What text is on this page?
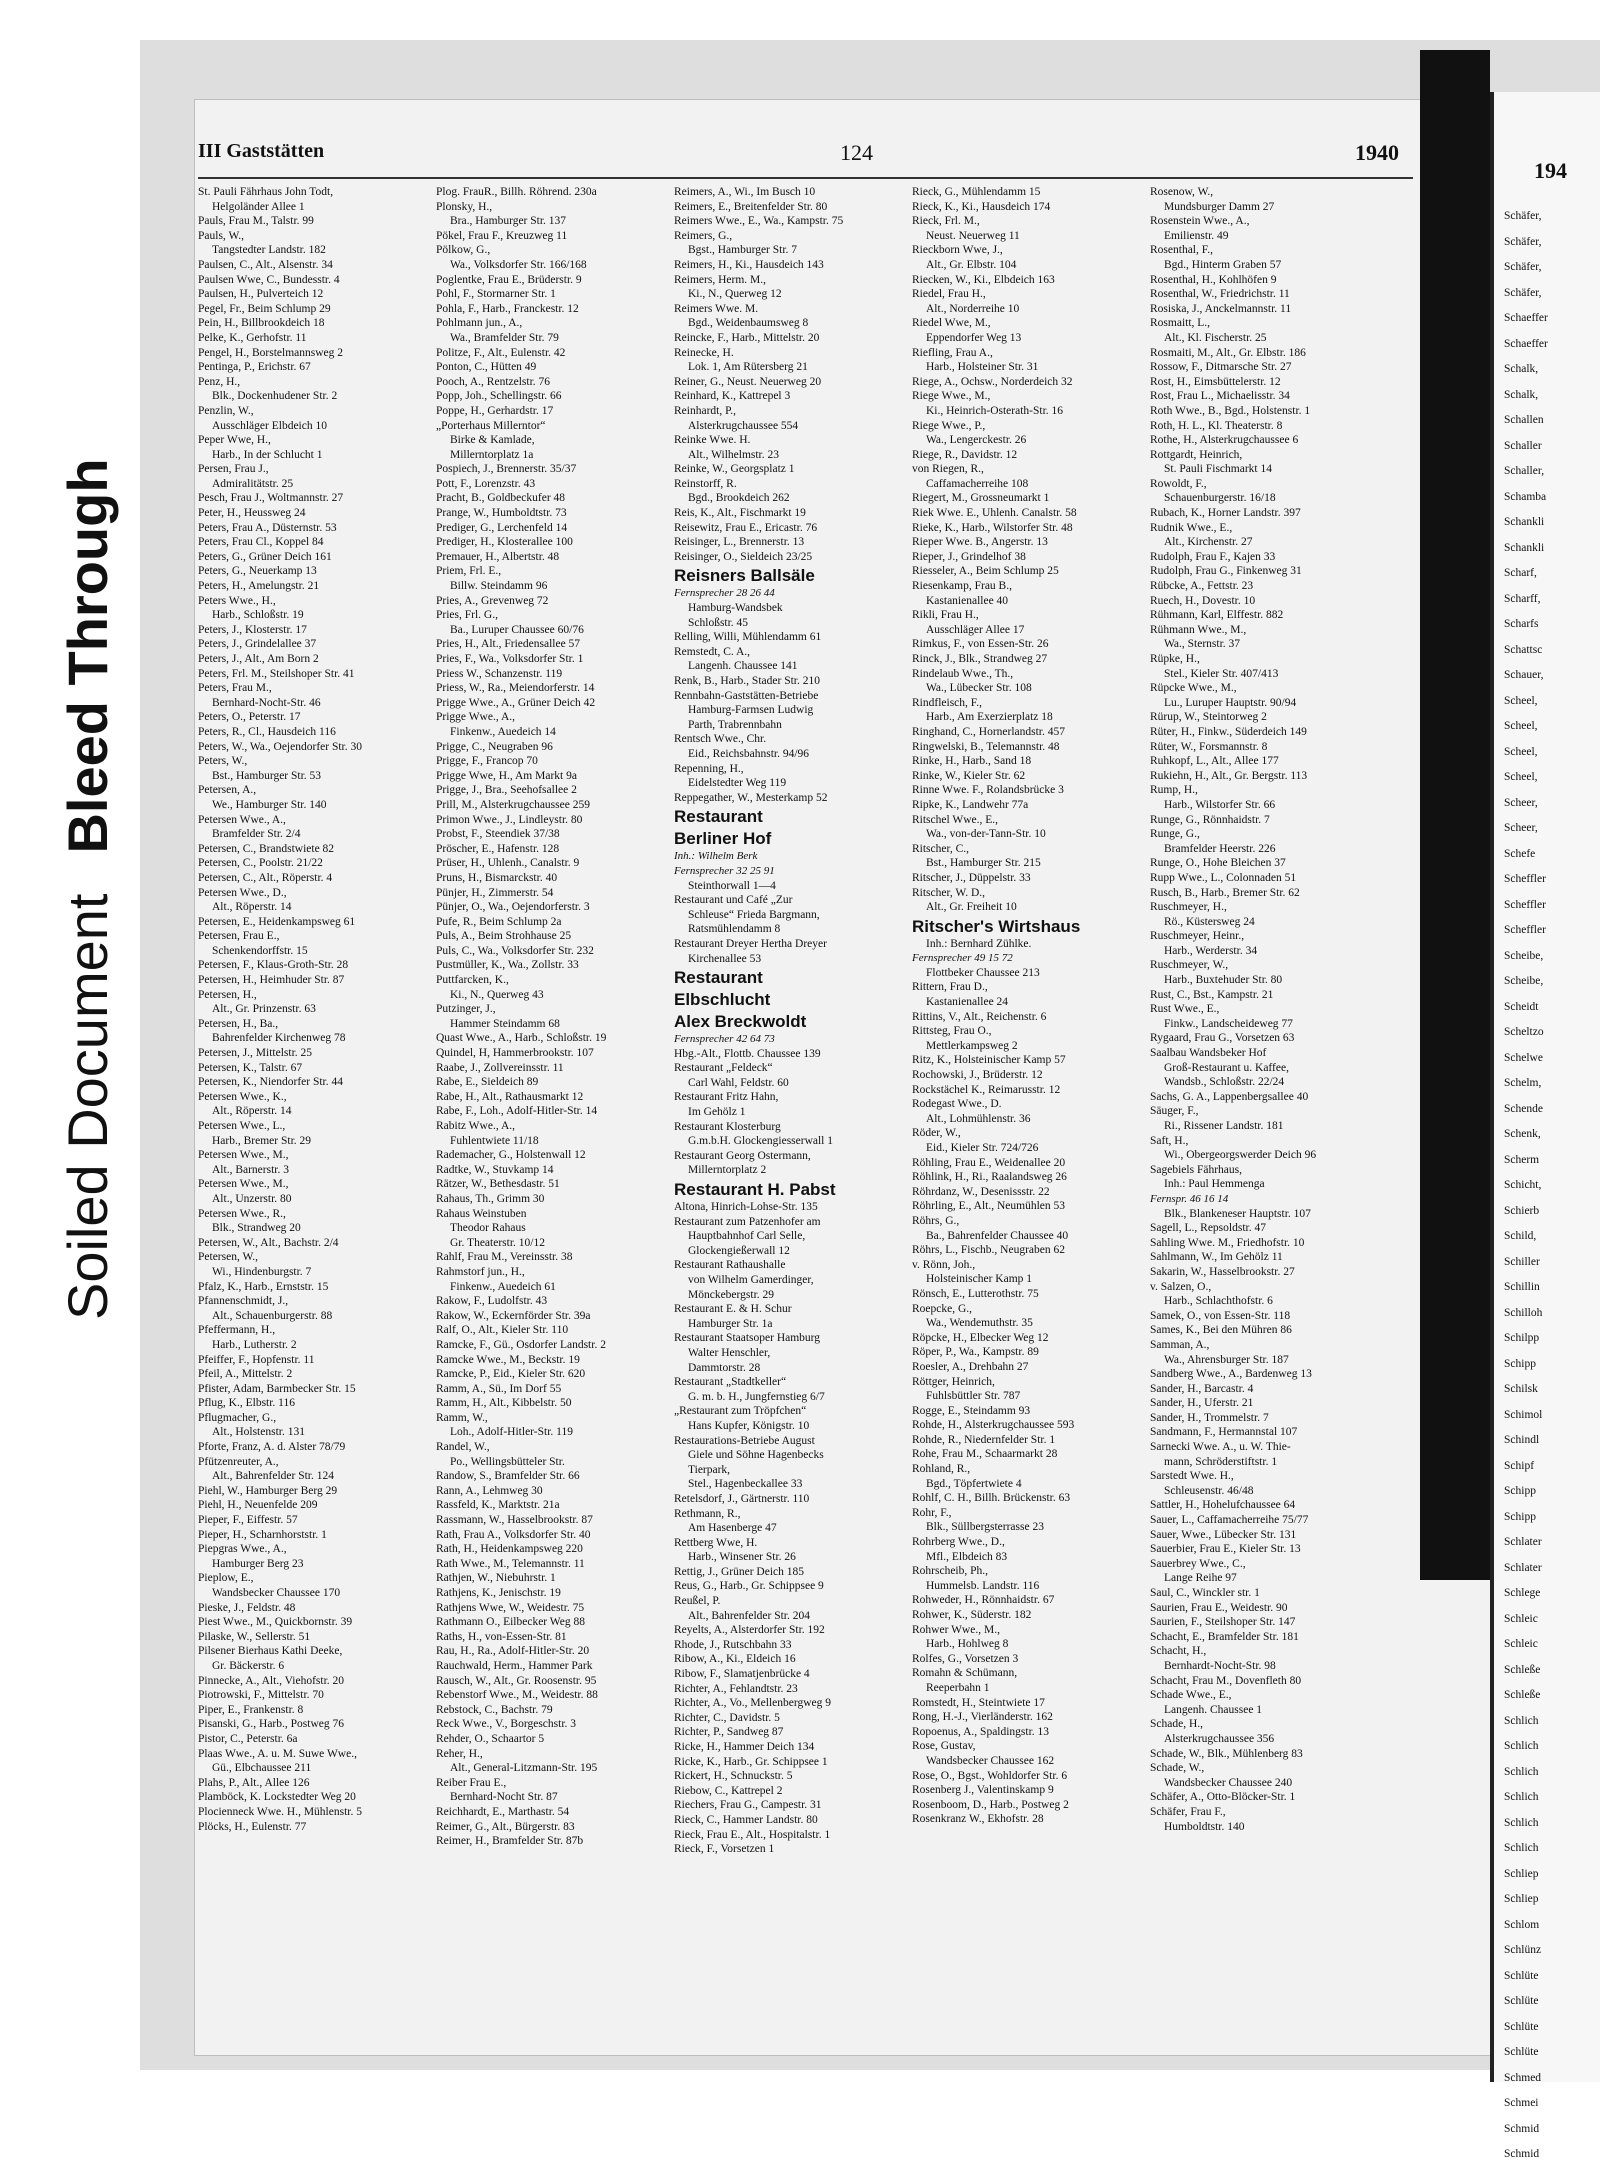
Soiled DocumentBleed Through
194
Schäfer,
Schäfer,
Schäfer,
Schäfer,
Schaeffer
Schaeffer
Schalk,
Schalk,
Schallen
Schaller
Schaller,
Schamba
Schankli
Schankli
Scharf,
Scharff,
Scharfs
Schattsc
Schauer,
Scheel,
Scheel,
Scheel,
Scheel,
Scheer,
Scheer,
Schefe
Scheffler
Scheffler
Scheffler
Scheibe,
Scheibe,
Scheidt
Scheltzo
Schelwe
Schelm,
Schende
Schenk,
Scherm
Schicht,
Schierb
Schild,
Schiller
Schillin
Schilloh
Schilpp
Schipp
Schilsk
Schimol
Schindl
Schipf
Schipp
Schipp
Schlater
Schlater
Schlege
Schleic
Schleic
Schleße
Schleße
Schlich
Schlich
Schlich
Schlich
Schlich
Schlich
Schliep
Schliep
Schlom
Schlünz
Schlüte
Schlüte
Schlüte
Schlüte
Schmed
Schmei
Schmid
Schmid
III Gaststätten	124	1940
St. Pauli Fährhaus John Todt,
Helgoländer Allee 1
Pauls, Frau M., Talstr. 99
Pauls, W.,
Tangstedter Landstr. 182
Paulsen, C., Alt., Alsenstr. 34
Paulsen Wwe, C., Bundesstr. 4
Paulsen, H., Pulverteich 12
Pegel, Fr., Beim Schlump 29
Pein, H., Billbrookdeich 18
Pelke, K., Gerhofstr. 11
Pengel, H., Borstelmannsweg 2
Pentinga, P., Erichstr. 67
Penz, H.,
Blk., Dockenhudener Str. 2
Penzlin, W.,
Ausschläger Elbdeich 10
Peper Wwe, H.,
Harb., In der Schlucht 1
Persen, Frau J.,
Admiralitätstr. 25
Pesch, Frau J., Woltmannstr. 27
Peter, H., Heussweg 24
Peters, Frau A., Düsternstr. 53
Peters, Frau Cl., Koppel 84
Peters, G., Grüner Deich 161
Peters, G., Neuerkamp 13
Peters, H., Amelungstr. 21
Peters Wwe., H.,
Harb., Schloßstr. 19
Peters, J., Klosterstr. 17
Peters, J., Grindelallee 37
Peters, J., Alt., Am Born 2
Peters, Frl. M., Steilshoper Str. 41
Peters, Frau M.,
Bernhard-Nocht-Str. 46
Peters, O., Peterstr. 17
Peters, R., Cl., Hausdeich 116
Peters, W., Wa., Oejendorfer Str. 30
Peters, W.,
Bst., Hamburger Str. 53
Petersen, A.,
We., Hamburger Str. 140
Petersen Wwe., A.,
Bramfelder Str. 2/4
Petersen, C., Brandstwiete 82
Petersen, C., Poolstr. 21/22
Petersen, C., Alt., Röperstr. 4
Petersen Wwe., D.,
Alt., Röperstr. 14
Petersen, E., Heidenkampsweg 61
Petersen, Frau E.,
Schenkendorffstr. 15
Petersen, F., Klaus-Groth-Str. 28
Petersen, H., Heimhuder Str. 87
Petersen, H.,
Alt., Gr. Prinzenstr. 63
Petersen, H., Ba.,
Bahrenfelder Kirchenweg 78
Petersen, J., Mittelstr. 25
Petersen, K., Talstr. 67
Petersen, K., Niendorfer Str. 44
Petersen Wwe., K.,
Alt., Röperstr. 14
Petersen Wwe., L.,
Harb., Bremer Str. 29
Petersen Wwe., M.,
Alt., Barnerstr. 3
Petersen Wwe., M.,
Alt., Unzerstr. 80
Petersen Wwe., R.,
Blk., Strandweg 20
Petersen, W., Alt., Bachstr. 2/4
Petersen, W.,
Wi., Hindenburgstr. 7
Pfalz, K., Harb., Ernststr. 15
Pfannenschmidt, J.,
Alt., Schauenburgerstr. 88
Pfeffermann, H.,
Harb., Lutherstr. 2
Pfeiffer, F., Hopfenstr. 11
Pfeil, A., Mittelstr. 2
Pfister, Adam, Barmbecker Str. 15
Pflug, K., Elbstr. 116
Pflugmacher, G.,
Alt., Holstenstr. 131
Pforte, Franz, A. d. Alster 78/79
Pfützenreuter, A.,
Alt., Bahrenfelder Str. 124
Piehl, W., Hamburger Berg 29
Piehl, H., Neuenfelde 209
Pieper, F., Eiffestr. 57
Pieper, H., Scharnhorststr. 1
Piepgras Wwe., A.,
Hamburger Berg 23
Pieplow, E.,
Wandsbecker Chaussee 170
Pieske, J., Feldstr. 48
Piest Wwe., M., Quickbornstr. 39
Pilaske, W., Sellerstr. 51
Pilsener Bierhaus Kathi Deeke,
Gr. Bäckerstr. 6
Pinnecke, A., Alt., Viehofstr. 20
Piotrowski, F., Mittelstr. 70
Piper, E., Frankenstr. 8
Pisanski, G., Harb., Postweg 76
Pistor, C., Peterstr. 6a
Plaas Wwe., A. u. M. Suwe Wwe.,
Gü., Elbchaussee 211
Plahs, P., Alt., Allee 126
Plamböck, K. Lockstedter Weg 20
Plocienneck Wwe. H., Mühlenstr. 5
Plöcks, H., Eulenstr. 77
Plog. FrauR., Billh. Röhrend. 230a
Plonsky, H.,
Bra., Hamburger Str. 137
Pökel, Frau F., Kreuzweg 11
Pölkow, G.,
Wa., Volksdorfer Str. 166/168
Poglentke, Frau E., Brüderstr. 9
Pohl, F., Stormarner Str. 1
Pohla, F., Harb., Franckestr. 12
Pohlmann jun., A.,
Wa., Bramfelder Str. 79
Politze, F., Alt., Eulenstr. 42
Ponton, C., Hütten 49
Pooch, A., Rentzelstr. 76
Popp, Joh., Schellingstr. 66
Poppe, H., Gerhardstr. 17
„Porterhaus Millerntor“
Birke & Kamlade,
Millerntorplatz 1a
Pospiech, J., Brennerstr. 35/37
Pott, F., Lorenzstr. 43
Pracht, B., Goldbeckufer 48
Prange, W., Humboldtstr. 73
Prediger, G., Lerchenfeld 14
Prediger, H., Klosterallee 100
Premauer, H., Albertstr. 48
Priem, Frl. E.,
Billw. Steindamm 96
Pries, A., Grevenweg 72
Pries, Frl. G.,
Ba., Luruper Chaussee 60/76
Pries, H., Alt., Friedensallee 57
Pries, F., Wa., Volksdorfer Str. 1
Priess W., Schanzenstr. 119
Priess, W., Ra., Meiendorferstr. 14
Prigge Wwe., A., Grüner Deich 42
Prigge Wwe., A.,
Finkenw., Auedeich 14
Prigge, C., Neugraben 96
Prigge, F., Francop 70
Prigge Wwe, H., Am Markt 9a
Prigge, J., Bra., Seehofsallee 2
Prill, M., Alsterkrugchaussee 259
Primon Wwe., J., Lindleystr. 80
Probst, F., Steendiek 37/38
Pröscher, E., Hafenstr. 128
Prüser, H., Uhlenh., Canalstr. 9
Pruns, H., Bismarckstr. 40
Pünjer, H., Zimmerstr. 54
Pünjer, O., Wa., Oejendorferstr. 3
Pufe, R., Beim Schlump 2a
Puls, A., Beim Strohhause 25
Puls, C., Wa., Volksdorfer Str. 232
Pustmüller, K., Wa., Zollstr. 33
Puttfarcken, K.,
Ki., N., Querweg 43
Putzinger, J.,
Hammer Steindamm 68
Quast Wwe., A., Harb., Schloßstr. 19
Quindel, H, Hammerbrookstr. 107
Raabe, J., Zollvereinsstr. 11
Rabe, E., Sieldeich 89
Rabe, H., Alt., Rathausmarkt 12
Rabe, F., Loh., Adolf-Hitler-Str. 14
Rabitz Wwe., A.,
Fuhlentwiete 11/18
Rademacher, G., Holstenwall 12
Radtke, W., Stuvkamp 14
Rätzer, W., Bethesdastr. 51
Rahaus, Th., Grimm 30
Rahaus Weinstuben
Theodor Rahaus
Gr. Theaterstr. 10/12
Rahlf, Frau M., Vereinsstr. 38
Rahmstorf jun., H.,
Finkenw., Auedeich 61
Rakow, F., Ludolfstr. 43
Rakow, W., Eckernförder Str. 39a
Ralf, O., Alt., Kieler Str. 110
Ramcke, F., Gü., Osdorfer Landstr. 2
Ramcke Wwe., M., Beckstr. 19
Ramcke, P., Eid., Kieler Str. 620
Ramm, A., Sü., Im Dorf 55
Ramm, H., Alt., Kibbelstr. 50
Ramm, W.,
Loh., Adolf-Hitler-Str. 119
Randel, W.,
Po., Wellingsbütteler Str.
Randow, S., Bramfelder Str. 66
Rann, A., Lehmweg 30
Rassfeld, K., Marktstr. 21a
Rassmann, W., Hasselbrookstr. 87
Rath, Frau A., Volksdorfer Str. 40
Rath, H., Heidenkampsweg 220
Rath Wwe., M., Telemannstr. 11
Rathjen, W., Niebuhrstr. 1
Rathjens, K., Jenischstr. 19
Rathjens Wwe, W., Weidestr. 75
Rathmann O., Eilbecker Weg 88
Raths, H., von-Essen-Str. 81
Rau, H., Ra., Adolf-Hitler-Str. 20
Rauchwald, Herm., Hammer Park
Rausch, W., Alt., Gr. Roosenstr. 95
Rebenstorf Wwe., M., Weidestr. 88
Rebstock, C., Bachstr. 79
Reck Wwe., V., Borgeschstr. 3
Rehder, O., Schaartor 5
Reher, H.,
Alt., General-Litzmann-Str. 195
Reiber Frau E.,
Bernhard-Nocht Str. 87
Reichhardt, E., Marthastr. 54
Reimer, G., Alt., Bürgerstr. 83
Reimer, H., Bramfelder Str. 87b
Reimers, A., Wi., Im Busch 10
Reimers, E., Breitenfelder Str. 80
Reimers Wwe., E., Wa., Kampstr. 75
Reimers, G.,
Bgst., Hamburger Str. 7
Reimers, H., Ki., Hausdeich 143
Reimers, Herm. M.,
Ki., N., Querweg 12
Reimers Wwe. M.
Bgd., Weidenbaumsweg 8
Reincke, F., Harb., Mittelstr. 20
Reinecke, H.
Lok. 1, Am Rütersberg 21
Reiner, G., Neust. Neuerweg 20
Reinhard, K., Kattrepel 3
Reinhardt, P.,
Alsterkrugchaussee 554
Reinke Wwe. H.
Alt., Wilhelmstr. 23
Reinke, W., Georgsplatz 1
Reinstorff, R.
Bgd., Brookdeich 262
Reis, K., Alt., Fischmarkt 19
Reisewitz, Frau E., Ericastr. 76
Reisinger, L., Brennerstr. 13
Reisinger, O., Sieldeich 23/25
Reisners Ballsäle
Fernsprecher 28 26 44
Hamburg-Wandsbek
Schloßstr. 45
Relling, Willi, Mühlendamm 61
Remstedt, C. A.,
Langenh. Chaussee 141
Renk, B., Harb., Stader Str. 210
Rennbahn-Gaststätten-Betriebe
Hamburg-Farmsen Ludwig
Parth, Trabrennbahn
Rentsch Wwe., Chr.
Eid., Reichsbahnstr. 94/96
Repenning, H.,
Eidelstedter Weg 119
Reppegather, W., Mesterkamp 52
Restaurant
Berliner Hof
Inh.: Wilhelm Berk
Fernsprecher 32 25 91
Steinthorwall 1—4
Restaurant und Café „Zur
Schleuse“ Frieda Bargmann,
Ratsmühlendamm 8
Restaurant Dreyer Hertha Dreyer
Kirchenallee 53
Restaurant
Elbschlucht
Alex Breckwoldt
Fernsprecher 42 64 73
Hbg.-Alt., Flottb. Chaussee 139
Restaurant „Feldeck“
Carl Wahl, Feldstr. 60
Restaurant Fritz Hahn,
Im Gehölz 1
Restaurant Klosterburg
G.m.b.H. Glockengiesserwall 1
Restaurant Georg Ostermann,
Millerntorplatz 2
Restaurant H. Pabst
Altona, Hinrich-Lohse-Str. 135
Restaurant zum Patzenhofer am
Hauptbahnhof Carl Selle,
Glockengießerwall 12
Restaurant Rathaushalle
von Wilhelm Gamerdinger,
Mönckebergstr. 29
Restaurant E. & H. Schur
Hamburger Str. 1a
Restaurant Staatsoper Hamburg
Walter Henschler,
Dammtorstr. 28
Restaurant „Stadtkeller“
G. m. b. H., Jungfernstieg 6/7
„Restaurant zum Tröpfchen“
Hans Kupfer, Königstr. 10
Restaurations-Betriebe August
Giele und Söhne Hagenbecks
Tierpark,
Stel., Hagenbeckallee 33
Retelsdorf, J., Gärtnerstr. 110
Rethmann, R.,
Am Hasenberge 47
Rettberg Wwe, H.
Harb., Winsener Str. 26
Rettig, J., Grüner Deich 185
Reus, G., Harb., Gr. Schippsee 9
Reußel, P.
Alt., Bahrenfelder Str. 204
Reyelts, A., Alsterdorfer Str. 192
Rhode, J., Rutschbahn 33
Ribow, A., Ki., Eldeich 16
Ribow, F., Slamatjenbrücke 4
Richter, A., Fehlandtstr. 23
Richter, A., Vo., Mellenbergweg 9
Richter, C., Davidstr. 5
Richter, P., Sandweg 87
Ricke, H., Hammer Deich 134
Ricke, K., Harb., Gr. Schippsee 1
Rickert, H., Schnuckstr. 5
Riebow, C., Kattrepel 2
Riechers, Frau G., Campestr. 31
Rieck, C., Hammer Landstr. 80
Rieck, Frau E., Alt., Hospitalstr. 1
Rieck, F., Vorsetzen 1
Rieck, G., Mühlendamm 15
Rieck, K., Ki., Hausdeich 174
Rieck, Frl. M.,
Neust. Neuerweg 11
Rieckborn Wwe, J.,
Alt., Gr. Elbstr. 104
Riecken, W., Ki., Elbdeich 163
Riedel, Frau H.,
Alt., Norderreihe 10
Riedel Wwe, M.,
Eppendorfer Weg 13
Riefling, Frau A.,
Harb., Holsteiner Str. 31
Riege, A., Ochsw., Norderdeich 32
Riege Wwe., M.,
Ki., Heinrich-Osterath-Str. 16
Riege Wwe., P.,
Wa., Lengerckestr. 26
Riege, R., Davidstr. 12
von Riegen, R.,
Caffamacherreihe 108
Riegert, M., Grossneumarkt 1
Riek Wwe. E., Uhlenh. Canalstr. 58
Rieke, K., Harb., Wilstorfer Str. 48
Rieper Wwe. B., Angerstr. 13
Rieper, J., Grindelhof 38
Riesseler, A., Beim Schlump 25
Riesenkamp, Frau B.,
Kastanienallee 40
Rikli, Frau H.,
Ausschläger Allee 17
Rimkus, F., von Essen-Str. 26
Rinck, J., Blk., Strandweg 27
Rindelaub Wwe., Th.,
Wa., Lübecker Str. 108
Rindfleisch, F.,
Harb., Am Exerzierplatz 18
Ringhand, C., Hornerlandstr. 457
Ringwelski, B., Telemannstr. 48
Rinke, H., Harb., Sand 18
Rinke, W., Kieler Str. 62
Rinne Wwe. F., Rolandsbrücke 3
Ripke, K., Landwehr 77a
Ritschel Wwe., E.,
Wa., von-der-Tann-Str. 10
Ritscher, C.,
Bst., Hamburger Str. 215
Ritscher, J., Düppelstr. 33
Ritscher, W. D.,
Alt., Gr. Freiheit 10
Ritscher's Wirtshaus
Inh.: Bernhard Zühlke.
Fernsprecher 49 15 72
Flottbeker Chaussee 213
Rittern, Frau D.,
Kastanienallee 24
Rittins, V., Alt., Reichenstr. 6
Rittsteg, Frau O.,
Mettlerkampsweg 2
Ritz, K., Holsteinischer Kamp 57
Rochowski, J., Brüderstr. 12
Rockstächel K., Reimarusstr. 12
Rodegast Wwe., D.
Alt., Lohmühlenstr. 36
Röder, W.,
Eid., Kieler Str. 724/726
Röhling, Frau E., Weidenallee 20
Röhlink, H., Ri., Raalandsweg 26
Röhrdanz, W., Desenissstr. 22
Röhrling, E., Alt., Neumühlen 53
Röhrs, G.,
Ba., Bahrenfelder Chaussee 40
Röhrs, L., Fischb., Neugraben 62
v. Rönn, Joh.,
Holsteinischer Kamp 1
Rönsch, E., Lutterothstr. 75
Roepcke, G.,
Wa., Wendemuthstr. 35
Röpcke, H., Elbecker Weg 12
Röper, P., Wa., Kampstr. 89
Roesler, A., Drehbahn 27
Röttger, Heinrich,
Fuhlsbüttler Str. 787
Rogge, E., Steindamm 93
Rohde, H., Alsterkrugchaussee 593
Rohde, R., Niedernfelder Str. 1
Rohe, Frau M., Schaarmarkt 28
Rohland, R.,
Bgd., Töpfertwiete 4
Rohlf, C. H., Billh. Brückenstr. 63
Rohr, F.,
Blk., Süllbergsterrasse 23
Rohrberg Wwe., D.,
Mfl., Elbdeich 83
Rohrscheib, Ph.,
Hummelsb. Landstr. 116
Rohweder, H., Rönnhaidstr. 67
Rohwer, K., Süderstr. 182
Rohwer Wwe., M.,
Harb., Hohlweg 8
Rolfes, G., Vorsetzen 3
Romahn & Schümann,
Reeperbahn 1
Romstedt, H., Steintwiete 17
Rong, H.-J., Vierländerstr. 162
Ropoenus, A., Spaldingstr. 13
Rose, Gustav,
Wandsbecker Chaussee 162
Rose, O., Bgst., Wohldorfer Str. 6
Rosenberg J., Valentinskamp 9
Rosenboom, D., Harb., Postweg 2
Rosenkranz W., Ekhofstr. 28
Rosenow, W.,
Mundsburger Damm 27
Rosenstein Wwe., A.,
Emilienstr. 49
Rosenthal, F.,
Bgd., Hinterm Graben 57
Rosenthal, H., Kohlhöfen 9
Rosenthal, W., Friedrichstr. 11
Rosiska, J., Anckelmannstr. 11
Rosmaitt, L.,
Alt., Kl. Fischerstr. 25
Rosmaiti, M., Alt., Gr. Elbstr. 186
Rossow, F., Ditmarsche Str. 27
Rost, H., Eimsbüttelerstr. 12
Rost, Frau L., Michaelisstr. 34
Roth Wwe., B., Bgd., Holstenstr. 1
Roth, H. L., Kl. Theaterstr. 8
Rothe, H., Alsterkrugchaussee 6
Rottgardt, Heinrich,
St. Pauli Fischmarkt 14
Rowoldt, F.,
Schauenburgerstr. 16/18
Rubach, K., Horner Landstr. 397
Rudnik Wwe., E.,
Alt., Kirchenstr. 27
Rudolph, Frau F., Kajen 33
Rudolph, Frau G., Finkenweg 31
Rübcke, A., Fettstr. 23
Ruech, H., Dovestr. 10
Rühmann, Karl, Elffestr. 882
Rühmann Wwe., M.,
Wa., Sternstr. 37
Rüpke, H.,
Stel., Kieler Str. 407/413
Rüpcke Wwe., M.,
Lu., Luruper Hauptstr. 90/94
Rürup, W., Steintorweg 2
Rüter, H., Finkw., Süderdeich 149
Rüter, W., Forsmannstr. 8
Ruhkopf, L., Alt., Allee 177
Rukiehn, H., Alt., Gr. Bergstr. 113
Rump, H.,
Harb., Wilstorfer Str. 66
Runge, G., Rönnhaidstr. 7
Runge, G.,
Bramfelder Heerstr. 226
Runge, O., Hohe Bleichen 37
Rupp Wwe., L., Colonnaden 51
Rusch, B., Harb., Bremer Str. 62
Ruschmeyer, H.,
Rö., Küstersweg 24
Ruschmeyer, Heinr.,
Harb., Werderstr. 34
Ruschmeyer, W.,
Harb., Buxtehuder Str. 80
Rust, C., Bst., Kampstr. 21
Rust Wwe., E.,
Finkw., Landscheideweg 77
Rygaard, Frau G., Vorsetzen 63
Saalbau Wandsbeker Hof
Groß-Restaurant u. Kaffee,
Wandsb., Schloßstr. 22/24
Sachs, G. A., Lappenbergsallee 40
Säuger, F.,
Ri., Rissener Landstr. 181
Saft, H.,
Wi., Obergeorgswerder Deich 96
Sagebiels Fährhaus,
Inh.: Paul Hemmenga
Fernspr. 46 16 14
Blk., Blankeneser Hauptstr. 107
Sagell, L., Repsoldstr. 47
Sahling Wwe. M., Friedhofstr. 10
Sahlmann, W., Im Gehölz 11
Sakarin, W., Hasselbrookstr. 27
v. Salzen, O.,
Harb., Schlachthofstr. 6
Samek, O., von Essen-Str. 118
Sames, K., Bei den Mühren 86
Samman, A.,
Wa., Ahrensburger Str. 187
Sandberg Wwe., A., Bardenweg 13
Sander, H., Barcastr. 4
Sander, H., Uferstr. 21
Sander, H., Trommelstr. 7
Sandmann, F., Hermannstal 107
Sarnecki Wwe. A., u. W. Thie-
mann, Schröderstiftstr. 1
Sarstedt Wwe. H.,
Schleusenstr. 46/48
Sattler, H., Hohelufchaussee 64
Sauer, L., Caffamacherreihe 75/77
Sauer, Wwe., Lübecker Str. 131
Sauerbier, Frau E., Kieler Str. 13
Sauerbrey Wwe., C.,
Lange Reihe 97
Saul, C., Winckler str. 1
Saurien, Frau E., Weidestr. 90
Saurien, F., Steilshoper Str. 147
Schacht, E., Bramfelder Str. 181
Schacht, H.,
Bernhardt-Nocht-Str. 98
Schacht, Frau M., Dovenfleth 80
Schade Wwe., E.,
Langenh. Chaussee 1
Schade, H.,
Alsterkrugchaussee 356
Schade, W., Blk., Mühlenberg 83
Schade, W.,
Wandsbecker Chaussee 240
Schäfer, A., Otto-Blöcker-Str. 1
Schäfer, Frau F.,
Humboldtstr. 140
